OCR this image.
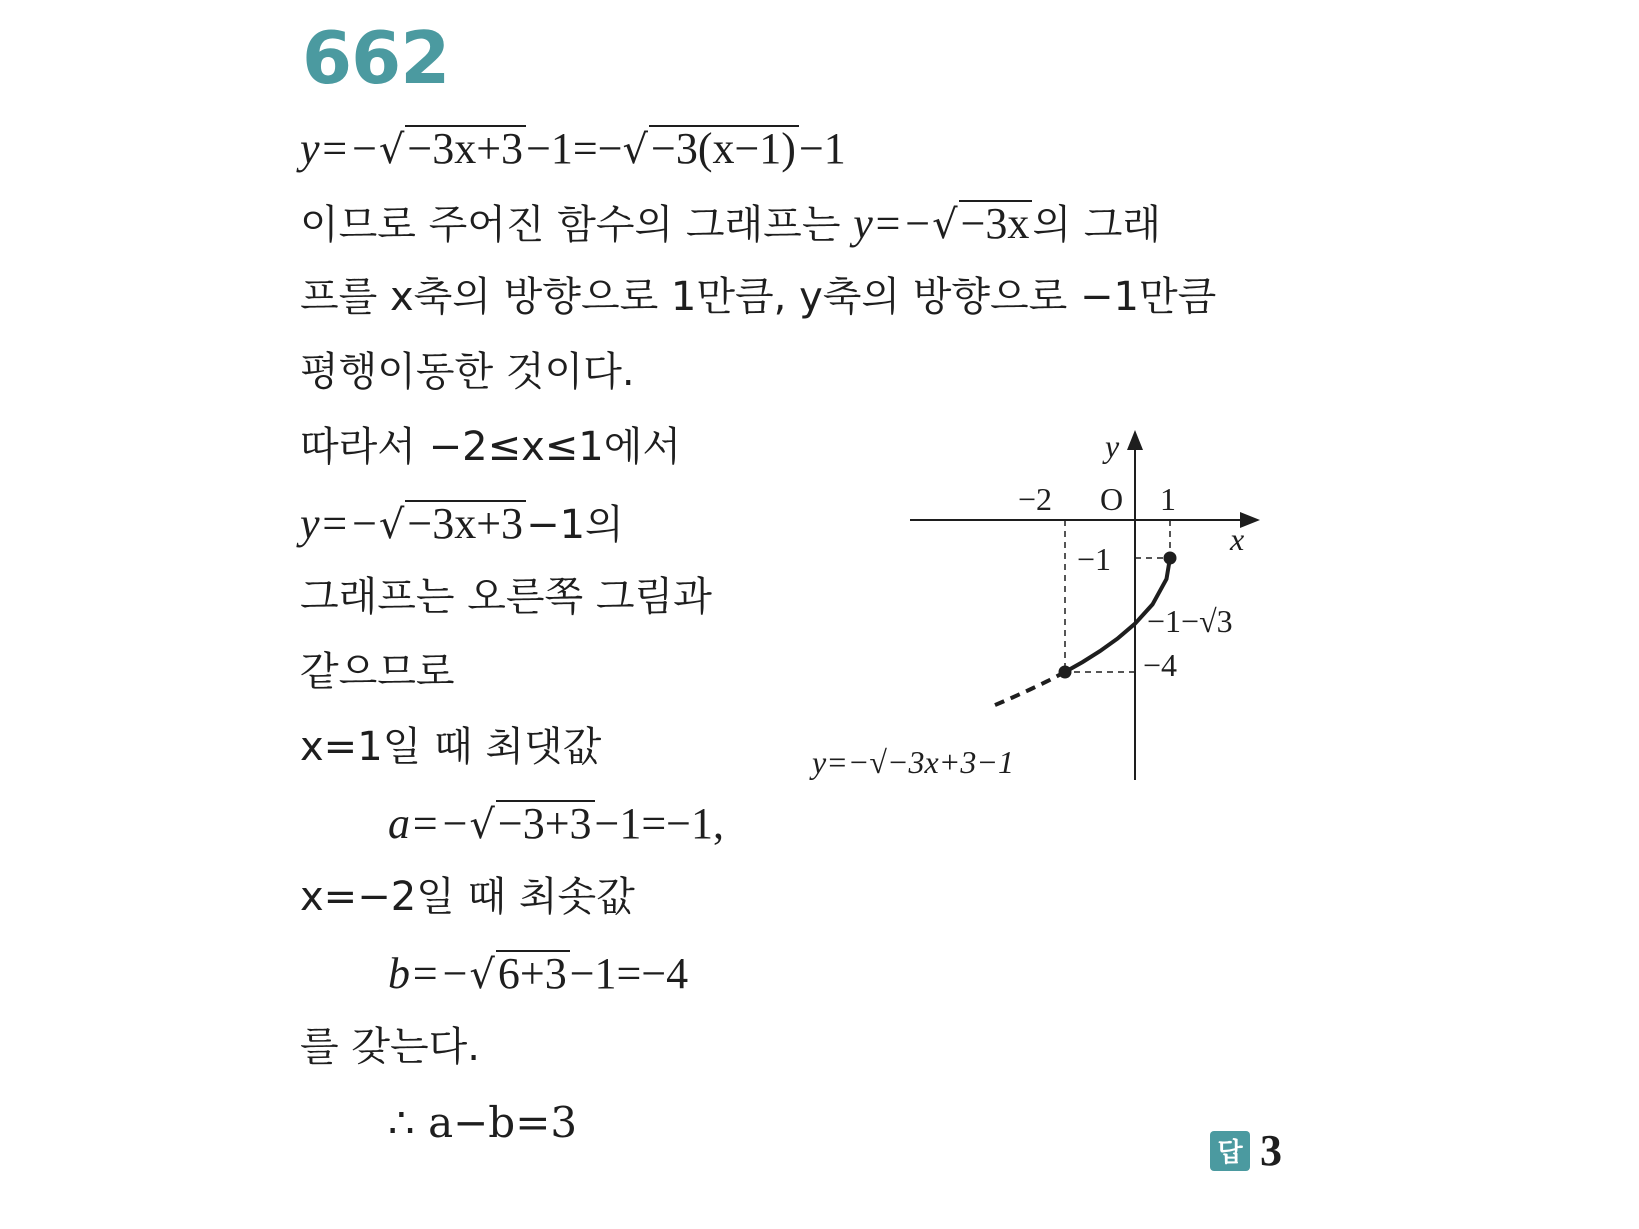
662
y=−√−3x+3−1=−√−3(x−1)−1
이므로 주어진 함수의 그래프는 y=−√−3x의 그래
프를 x축의 방향으로 1만큼, y축의 방향으로 −1만큼
평행이동한 것이다.
따라서 −2≤x≤1에서
y=−√−3x+3−1의
그래프는 오른쪽 그림과
같으므로
x=1일 때 최댓값
a=−√−3+3−1=−1,
x=−2일 때 최솟값
b=−√6+3−1=−4
를 갖는다.
∴ a−b=3
답 3
y
x
O
−2	1
−1
−1−√3
−4
y=−√−3x+3−1
